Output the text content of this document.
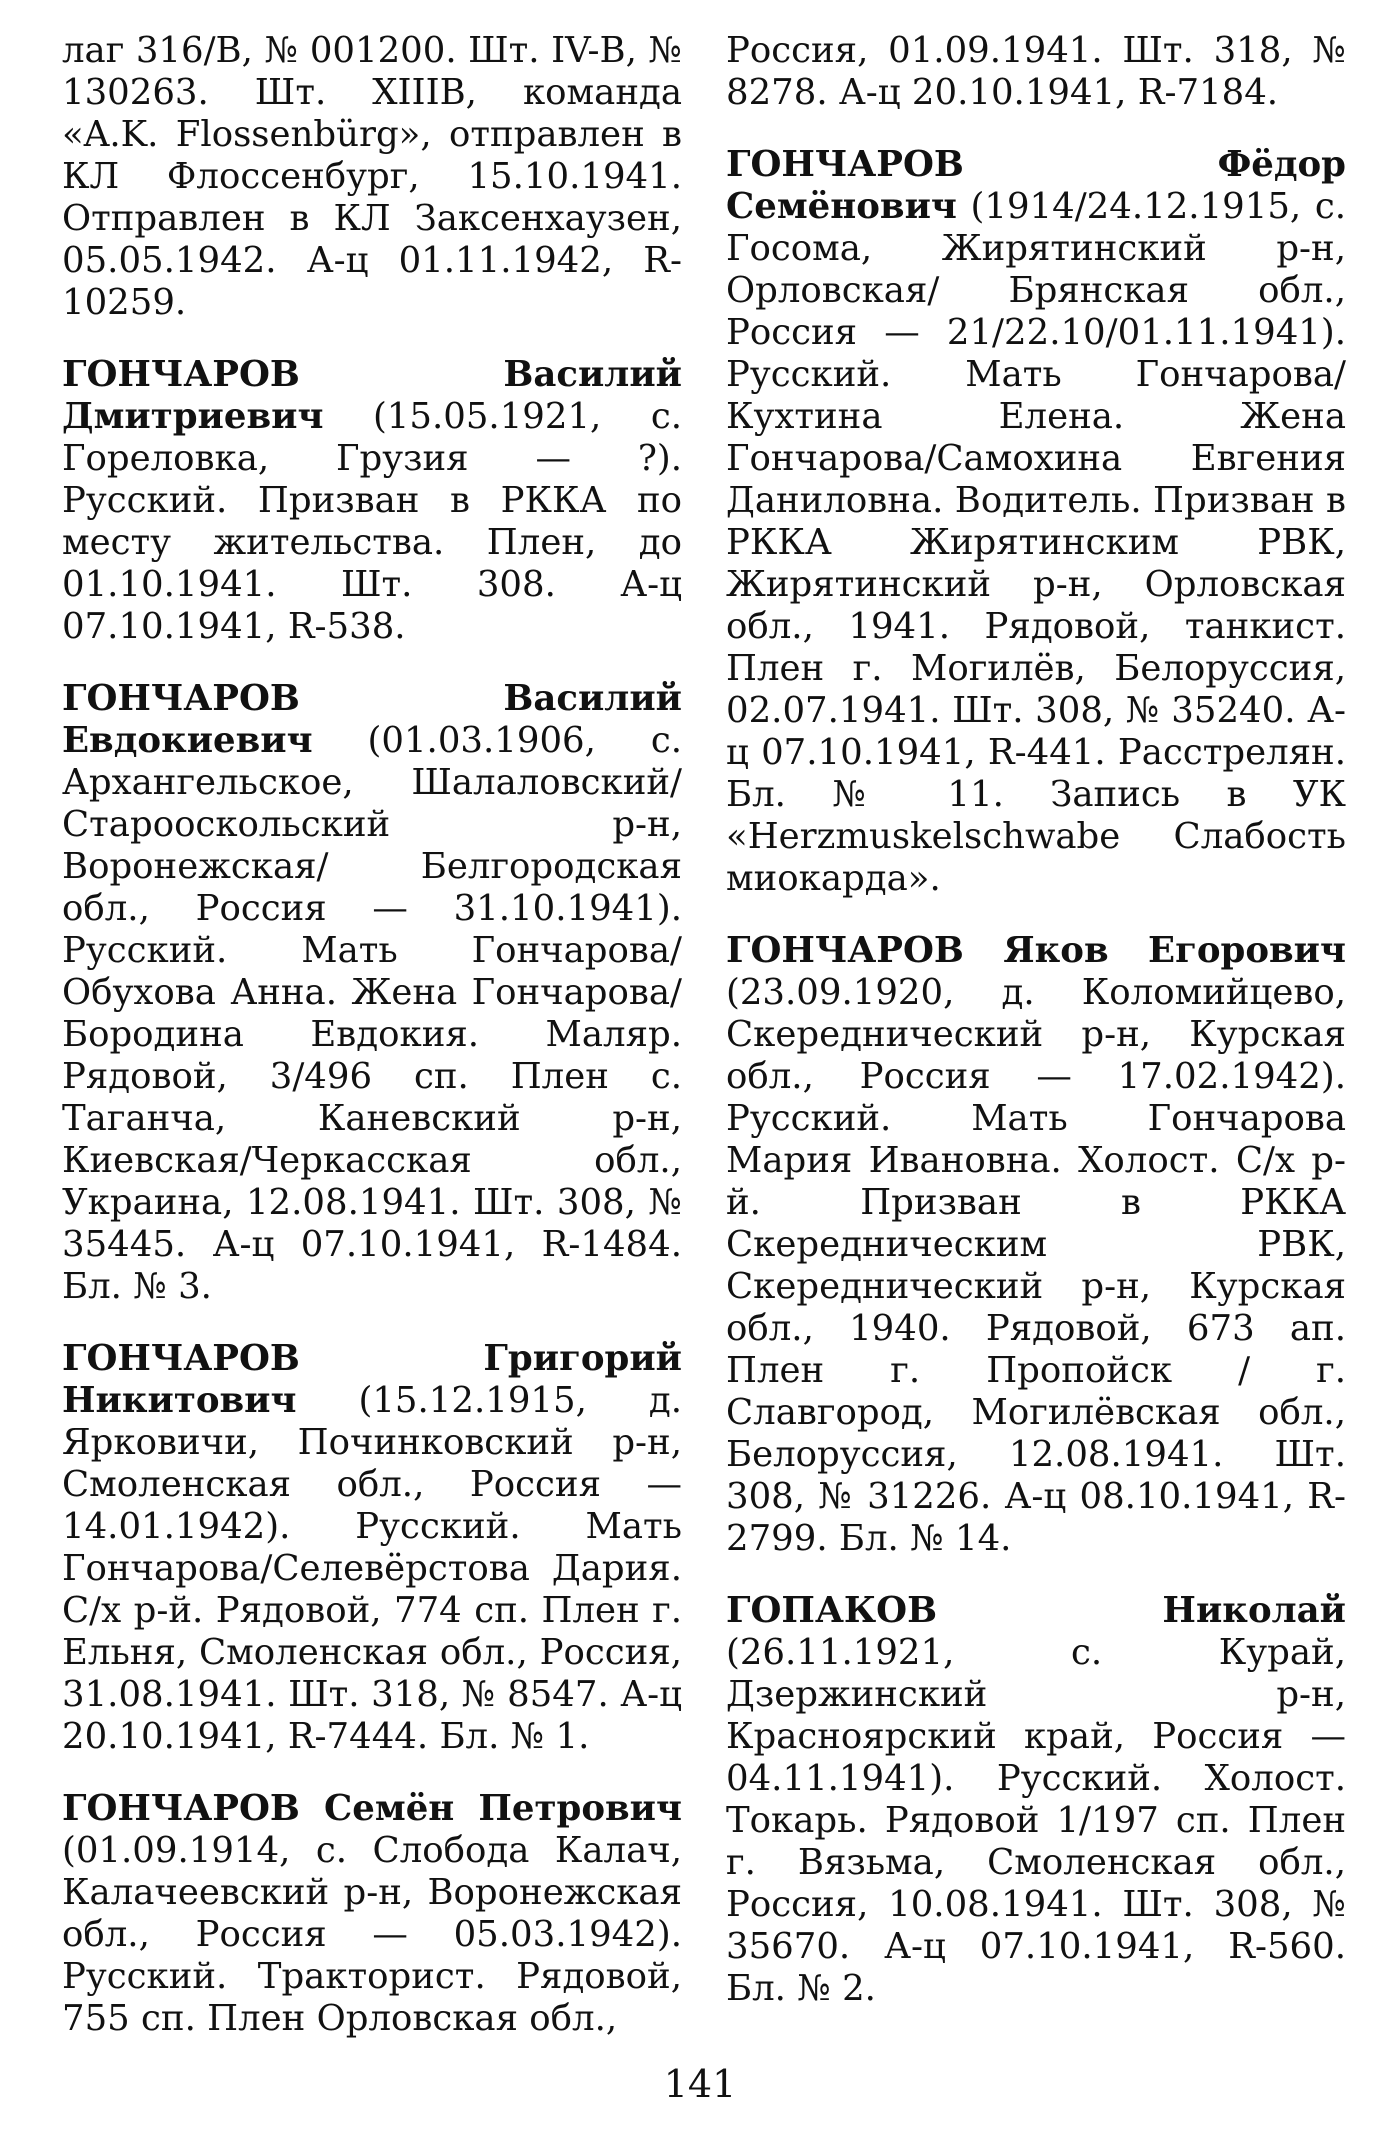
лаг 316/B, № 001200. Шт. IV-B, № 130263. Шт. XIIIB, команда «A.K. Flossenbürg», отправлен в КЛ Флоссенбург, 15.10.1941. Отправлен в КЛ Заксенхаузен, 05.05.1942. А-ц 01.11.1942, R-10259.

ГОНЧАРОВ Василий Дмитриевич (15.05.1921, с. Гореловка, Грузия — ?). Русский. Призван в РККА по месту жительства. Плен, до 01.10.1941. Шт. 308. А-ц 07.10.1941, R-538.

ГОНЧАРОВ Василий Евдокиевич (01.03.1906, с. Архангельское, Шалаловский/ Старооскольский р-н, Воронежская/ Белгородская обл., Россия — 31.10.1941). Русский. Мать Гончарова/Обухова Анна. Жена Гончарова/Бородина Евдокия. Маляр. Рядовой, 3/496 сп. Плен с. Таганча, Каневский р-н, Киевская/Черкасская обл., Украина, 12.08.1941. Шт. 308, № 35445. А-ц 07.10.1941, R-1484. Бл. № 3.

ГОНЧАРОВ Григорий Никитович (15.12.1915, д. Ярковичи, Починковский р-н, Смоленская обл., Россия — 14.01.1942). Русский. Мать Гончарова/Селевёрстова Дария. С/х р-й. Рядовой, 774 сп. Плен г. Ельня, Смоленская обл., Россия, 31.08.1941. Шт. 318, № 8547. А-ц 20.10.1941, R-7444. Бл. № 1.

ГОНЧАРОВ Семён Петрович (01.09.1914, с. Слобода Калач, Калачеевский р-н, Воронежская обл., Россия — 05.03.1942). Русский. Тракторист. Рядовой, 755 сп. Плен Орловская обл.,

Россия, 01.09.1941. Шт. 318, № 8278. А-ц 20.10.1941, R-7184.

ГОНЧАРОВ Фёдор Семёнович (1914/24.12.1915, с. Госома, Жирятинский р-н, Орловская/ Брянская обл., Россия — 21/22.10/01.11.1941). Русский. Мать Гончарова/Кухтина Елена. Жена Гончарова/Самохина Евгения Даниловна. Водитель. Призван в РККА Жирятинским РВК, Жирятинский р-н, Орловская обл., 1941. Рядовой, танкист. Плен г. Могилёв, Белоруссия, 02.07.1941. Шт. 308, № 35240. А-ц 07.10.1941, R-441. Расстрелян. Бл. № 11. Запись в УК «Herzmuskelschwabe Слабость миокарда».

ГОНЧАРОВ Яков Егорович (23.09.1920, д. Коломийцево, Скереднический р-н, Курская обл., Россия — 17.02.1942). Русский. Мать Гончарова Мария Ивановна. Холост. С/х р-й. Призван в РККА Скередническим РВК, Скереднический р-н, Курская обл., 1940. Рядовой, 673 ап. Плен г. Пропойск / г. Славгород, Могилёвская обл., Белоруссия, 12.08.1941. Шт. 308, № 31226. А-ц 08.10.1941, R-2799. Бл. № 14.

ГОПАКОВ Николай (26.11.1921, с. Курай, Дзержинский р-н, Красноярский край, Россия — 04.11.1941). Русский. Холост. Токарь. Рядовой 1/197 сп. Плен г. Вязьма, Смоленская обл., Россия, 10.08.1941. Шт. 308, № 35670. А-ц 07.10.1941, R-560. Бл. № 2.

141
